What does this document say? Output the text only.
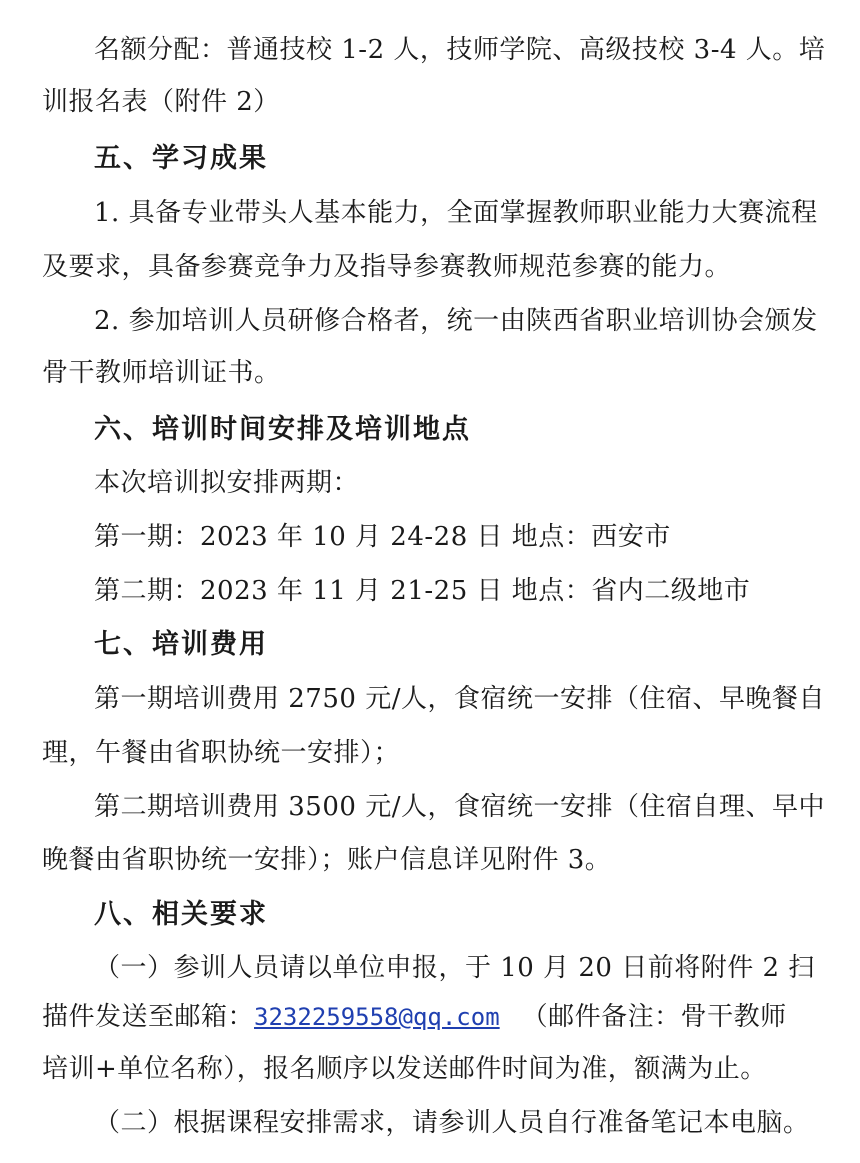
名额分配：普通技校 1-2 人，技师学院、高级技校 3-4 人。培
训报名表（附件 2）
五、学习成果
1. 具备专业带头人基本能力，全面掌握教师职业能力大赛流程
及要求，具备参赛竞争力及指导参赛教师规范参赛的能力。
2. 参加培训人员研修合格者，统一由陕西省职业培训协会颁发
骨干教师培训证书。
六、培训时间安排及培训地点
本次培训拟安排两期：
第一期：2023 年 10 月 24-28 日 地点：西安市
第二期：2023 年 11 月 21-25 日 地点：省内二级地市
七、培训费用
第一期培训费用 2750 元/人，食宿统一安排（住宿、早晚餐自
理，午餐由省职协统一安排）；
第二期培训费用 3500 元/人，食宿统一安排（住宿自理、早中
晚餐由省职协统一安排）；账户信息详见附件 3。
八、相关要求
（一）参训人员请以单位申报，于 10 月 20 日前将附件 2 扫
描件发送至邮箱：3232259558@qq.com （邮件备注：骨干教师
培训+单位名称），报名顺序以发送邮件时间为准，额满为止。
（二）根据课程安排需求，请参训人员自行准备笔记本电脑。
